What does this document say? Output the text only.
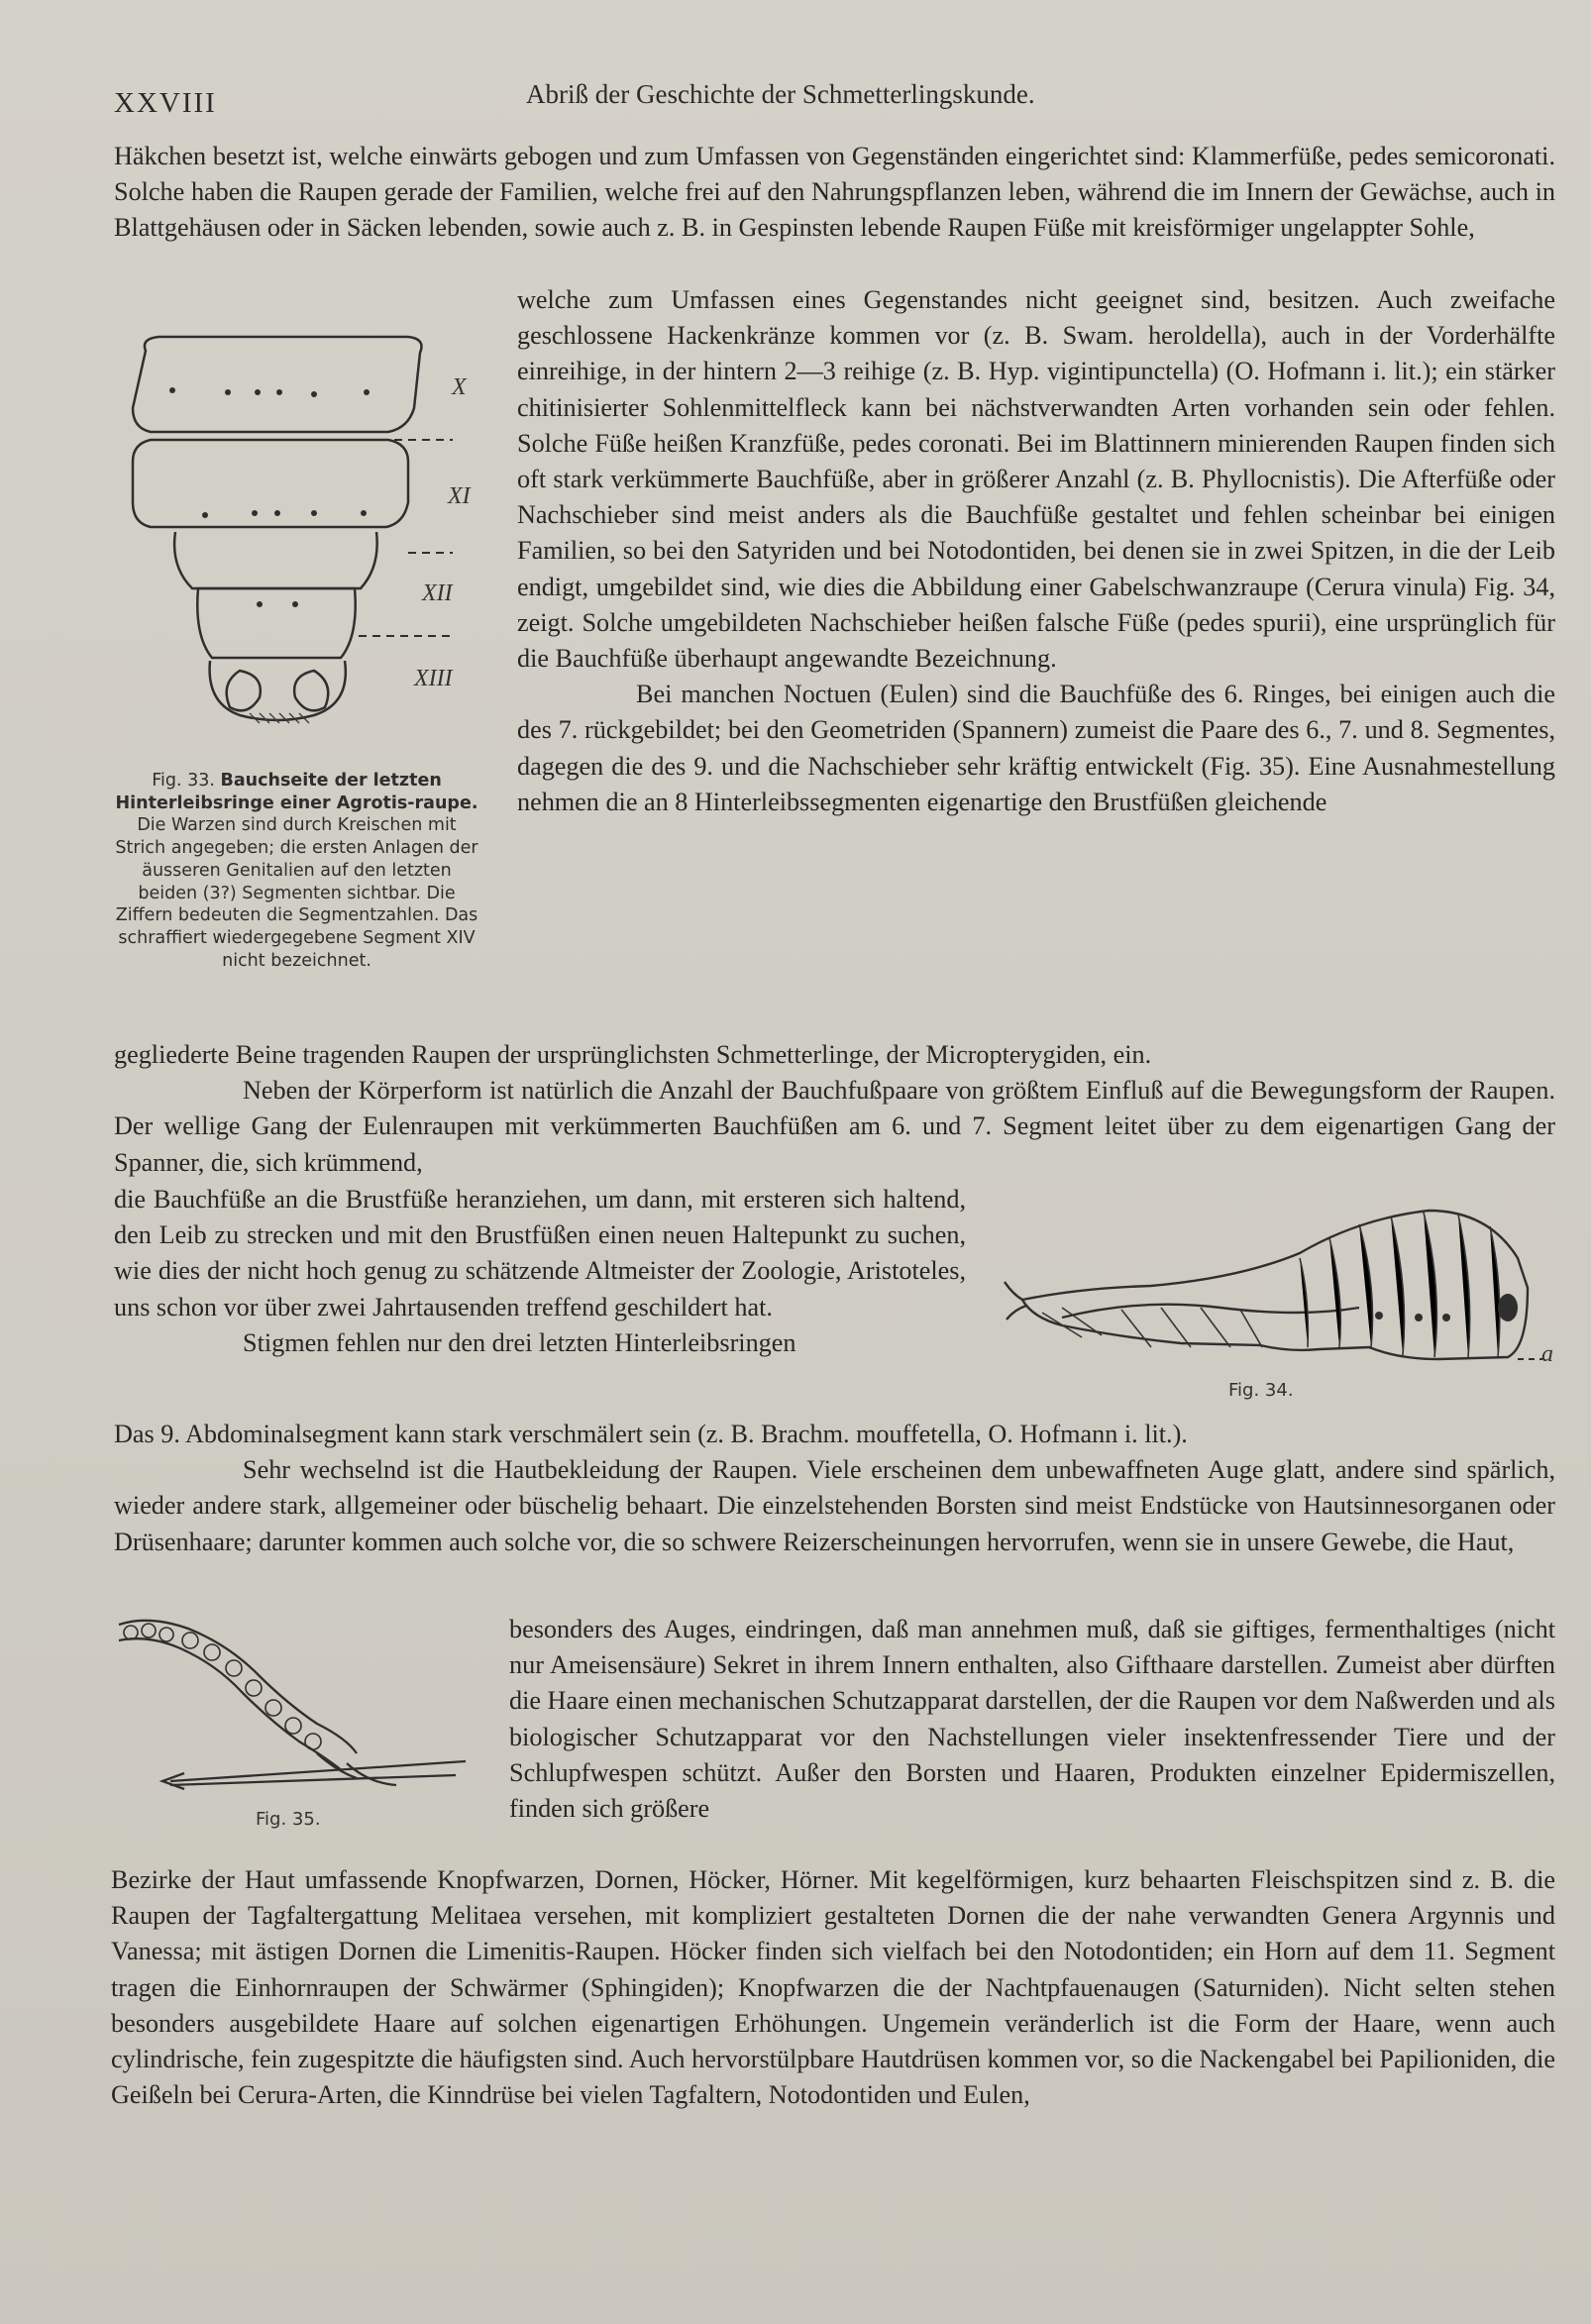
XXVIII	Abriß der Geschichte der Schmetterlingskunde.

Häkchen besetzt ist, welche einwärts gebogen und zum Umfassen von Gegenständen eingerichtet sind: Klammerfüße, pedes semicoronati. Solche haben die Raupen gerade der Familien, welche frei auf den Nahrungspflanzen leben, während die im Innern der Gewächse, auch in Blattgehäusen oder in Säcken lebenden, sowie auch z. B. in Gespinsten lebende Raupen Füße mit kreisförmiger ungelappter Sohle,

X
XI
XII
XIII
Fig. 33. Bauchseite der letzten Hinterleibsringe einer Agrotis-raupe. Die Warzen sind durch Kreischen mit Strich angegeben; die ersten Anlagen der äusseren Genitalien auf den letzten beiden (3?) Segmenten sichtbar. Die Ziffern bedeuten die Segmentzahlen. Das schraffiert wiedergegebene Segment XIV nicht bezeichnet.

welche zum Umfassen eines Gegenstandes nicht geeignet sind, besitzen. Auch zweifache geschlossene Hackenkränze kommen vor (z. B. Swam. heroldella), auch in der Vorderhälfte einreihige, in der hintern 2—3 reihige (z. B. Hyp. vigintipunctella) (O. Hofmann i. lit.); ein stärker chitinisierter Sohlenmittelfleck kann bei nächstverwandten Arten vorhanden sein oder fehlen. Solche Füße heißen Kranzfüße, pedes coronati. Bei im Blattinnern minierenden Raupen finden sich oft stark verkümmerte Bauchfüße, aber in größerer Anzahl (z. B. Phyllocnistis). Die Afterfüße oder Nachschieber sind meist anders als die Bauchfüße gestaltet und fehlen scheinbar bei einigen Familien, so bei den Satyriden und bei Notodontiden, bei denen sie in zwei Spitzen, in die der Leib endigt, umgebildet sind, wie dies die Abbildung einer Gabelschwanzraupe (Cerura vinula) Fig. 34, zeigt. Solche umgebildeten Nachschieber heißen falsche Füße (pedes spurii), eine ursprünglich für die Bauchfüße überhaupt angewandte Bezeichnung.

Bei manchen Noctuen (Eulen) sind die Bauchfüße des 6. Ringes, bei einigen auch die des 7. rückgebildet; bei den Geometriden (Spannern) zumeist die Paare des 6., 7. und 8. Segmentes, dagegen die des 9. und die Nachschieber sehr kräftig entwickelt (Fig. 35). Eine Ausnahmestellung nehmen die an 8 Hinterleibssegmenten eigenartige den Brustfüßen gleichende

gegliederte Beine tragenden Raupen der ursprünglichsten Schmetterlinge, der Micropterygiden, ein.

Neben der Körperform ist natürlich die Anzahl der Bauchfußpaare von größtem Einfluß auf die Bewegungsform der Raupen. Der wellige Gang der Eulenraupen mit verkümmerten Bauchfüßen am 6. und 7. Segment leitet über zu dem eigenartigen Gang der Spanner, die, sich krümmend,

die Bauchfüße an die Brustfüße heranziehen, um dann, mit ersteren sich haltend, den Leib zu strecken und mit den Brustfüßen einen neuen Haltepunkt zu suchen, wie dies der nicht hoch genug zu schätzende Altmeister der Zoologie, Aristoteles, uns schon vor über zwei Jahrtausenden treffend geschildert hat.

Stigmen fehlen nur den drei letzten Hinterleibsringen	a
Fig. 34.

Das 9. Abdominalsegment kann stark verschmälert sein (z. B. Brachm. mouffetella, O. Hofmann i. lit.).

Sehr wechselnd ist die Hautbekleidung der Raupen. Viele erscheinen dem unbewaffneten Auge glatt, andere sind spärlich, wieder andere stark, allgemeiner oder büschelig behaart. Die einzelstehenden Borsten sind meist Endstücke von Hautsinnesorganen oder Drüsenhaare; darunter kommen auch solche vor, die so schwere Reizerscheinungen hervorrufen, wenn sie in unsere Gewebe, die Haut,

Fig. 35.

besonders des Auges, eindringen, daß man annehmen muß, daß sie giftiges, fermenthaltiges (nicht nur Ameisensäure) Sekret in ihrem Innern enthalten, also Gifthaare darstellen. Zumeist aber dürften die Haare einen mechanischen Schutzapparat darstellen, der die Raupen vor dem Naßwerden und als biologischer Schutzapparat vor den Nachstellungen vieler insektenfressender Tiere und der Schlupfwespen schützt. Außer den Borsten und Haaren, Produkten einzelner Epidermiszellen, finden sich größere

Bezirke der Haut umfassende Knopfwarzen, Dornen, Höcker, Hörner. Mit kegelförmigen, kurz behaarten Fleischspitzen sind z. B. die Raupen der Tagfaltergattung Melitaea versehen, mit kompliziert gestalteten Dornen die der nahe verwandten Genera Argynnis und Vanessa; mit ästigen Dornen die Limenitis-Raupen. Höcker finden sich vielfach bei den Notodontiden; ein Horn auf dem 11. Segment tragen die Einhornraupen der Schwärmer (Sphingiden); Knopfwarzen die der Nachtpfauenaugen (Saturniden). Nicht selten stehen besonders ausgebildete Haare auf solchen eigenartigen Erhöhungen. Ungemein veränderlich ist die Form der Haare, wenn auch cylindrische, fein zugespitzte die häufigsten sind. Auch hervorstülpbare Hautdrüsen kommen vor, so die Nackengabel bei Papilioniden, die Geißeln bei Cerura-Arten, die Kinndrüse bei vielen Tagfaltern, Notodontiden und Eulen,
